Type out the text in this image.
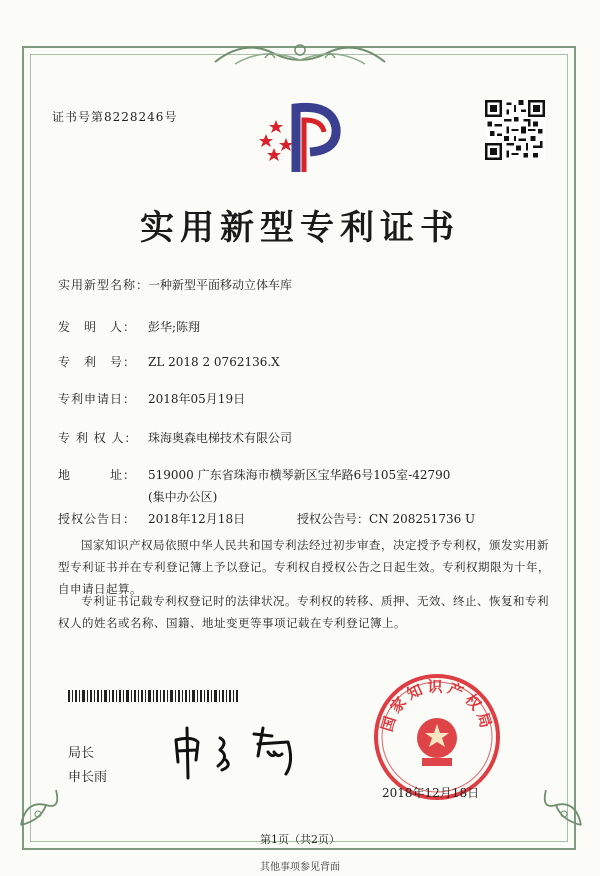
证书号第8228246号
实用新型专利证书
实用新型名称：一种新型平面移动立体车库
发　明　人： 彭华;陈翔
专　利　号： ZL 2018 2 0762136.X
专利申请日： 2018年05月19日
专 利 权 人： 珠海奥森电梯技术有限公司
地　　　址： 519000 广东省珠海市横琴新区宝华路6号105室-42790
(集中办公区)
授权公告日： 2018年12月18日	授权公告号：CN 208251736 U
国家知识产权局依照中华人民共和国专利法经过初步审查，决定授予专利权，颁发实用新型专利证书并在专利登记簿上予以登记。专利权自授权公告之日起生效。专利权期限为十年，自申请日起算。
专利证书记载专利权登记时的法律状况。专利权的转移、质押、无效、终止、恢复和专利权人的姓名或名称、国籍、地址变更等事项记载在专利登记簿上。
局长
申长雨
国家知识产权局
2018年12月18日
第1页（共2页）
其他事项参见背面
